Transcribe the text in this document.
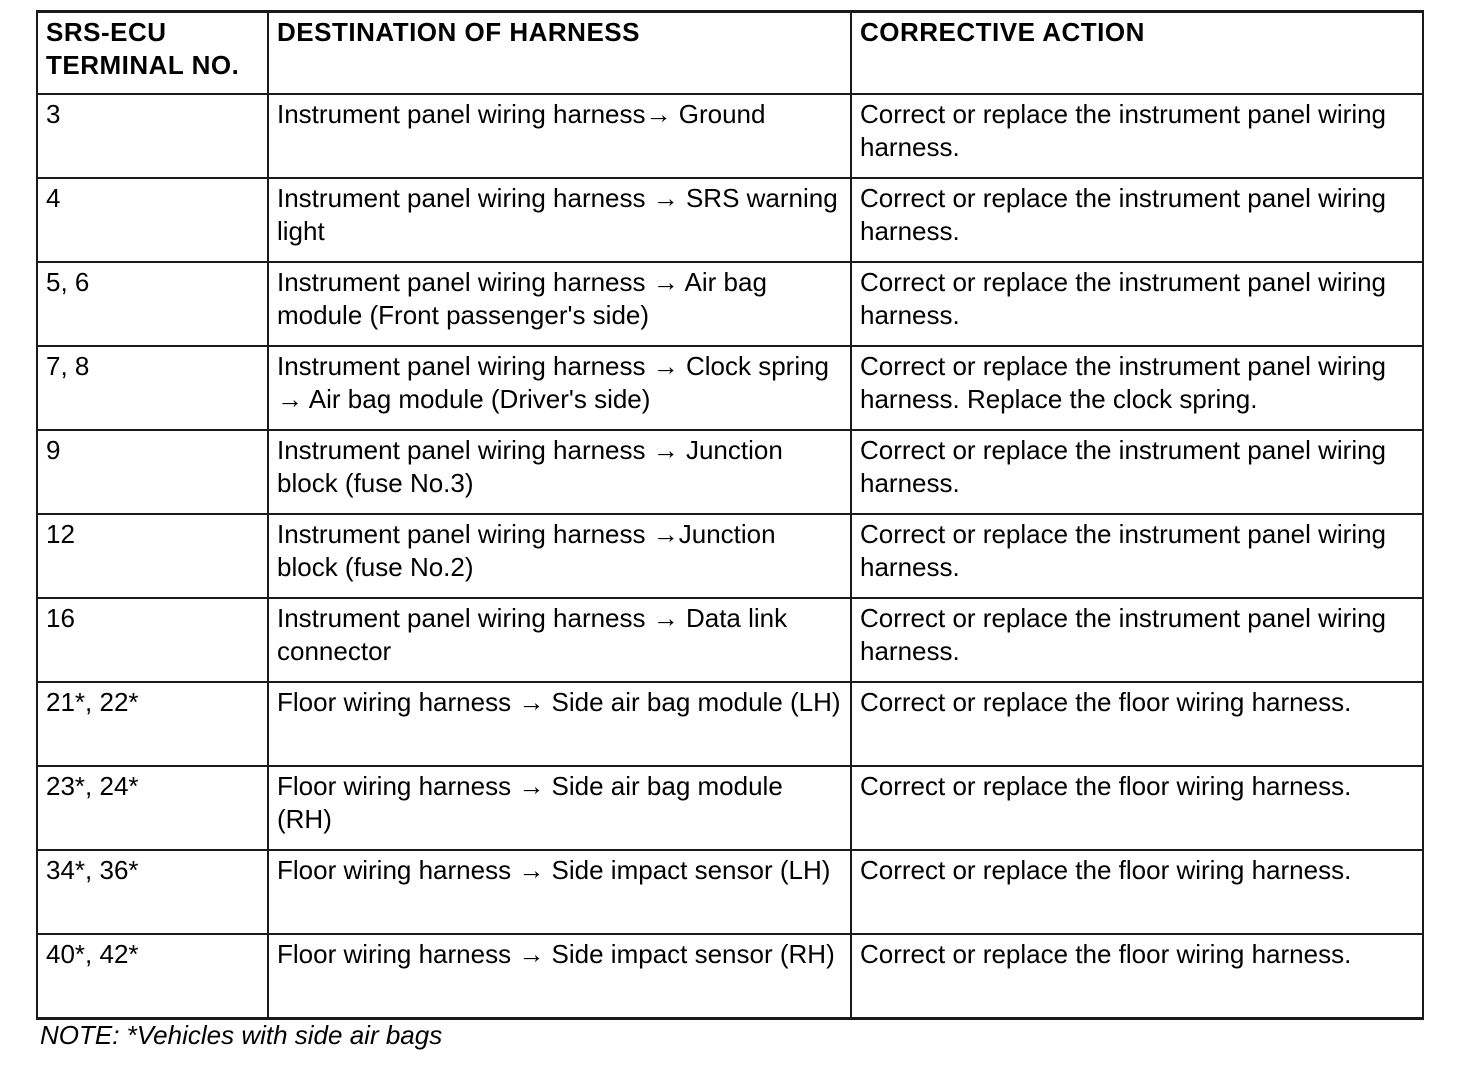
SRS-ECU
TERMINAL NO.	DESTINATION OF HARNESS	CORRECTIVE ACTION
3	Instrument panel wiring harness→ Ground	Correct or replace the instrument panel wiring harness.
4	Instrument panel wiring harness → SRS warning light	Correct or replace the instrument panel wiring harness.
5, 6	Instrument panel wiring harness → Air bag module (Front passenger's side)	Correct or replace the instrument panel wiring harness.
7, 8	Instrument panel wiring harness → Clock spring → Air bag module (Driver's side)	Correct or replace the instrument panel wiring harness. Replace the clock spring.
9	Instrument panel wiring harness → Junction block (fuse No.3)	Correct or replace the instrument panel wiring harness.
12	Instrument panel wiring harness →Junction block (fuse No.2)	Correct or replace the instrument panel wiring harness.
16	Instrument panel wiring harness → Data link connector	Correct or replace the instrument panel wiring harness.
21*, 22*	Floor wiring harness → Side air bag module (LH)	Correct or replace the floor wiring harness.
23*, 24*	Floor wiring harness → Side air bag module (RH)	Correct or replace the floor wiring harness.
34*, 36*	Floor wiring harness → Side impact sensor (LH)	Correct or replace the floor wiring harness.
40*, 42*	Floor wiring harness → Side impact sensor (RH)	Correct or replace the floor wiring harness.
NOTE: *Vehicles with side air bags
